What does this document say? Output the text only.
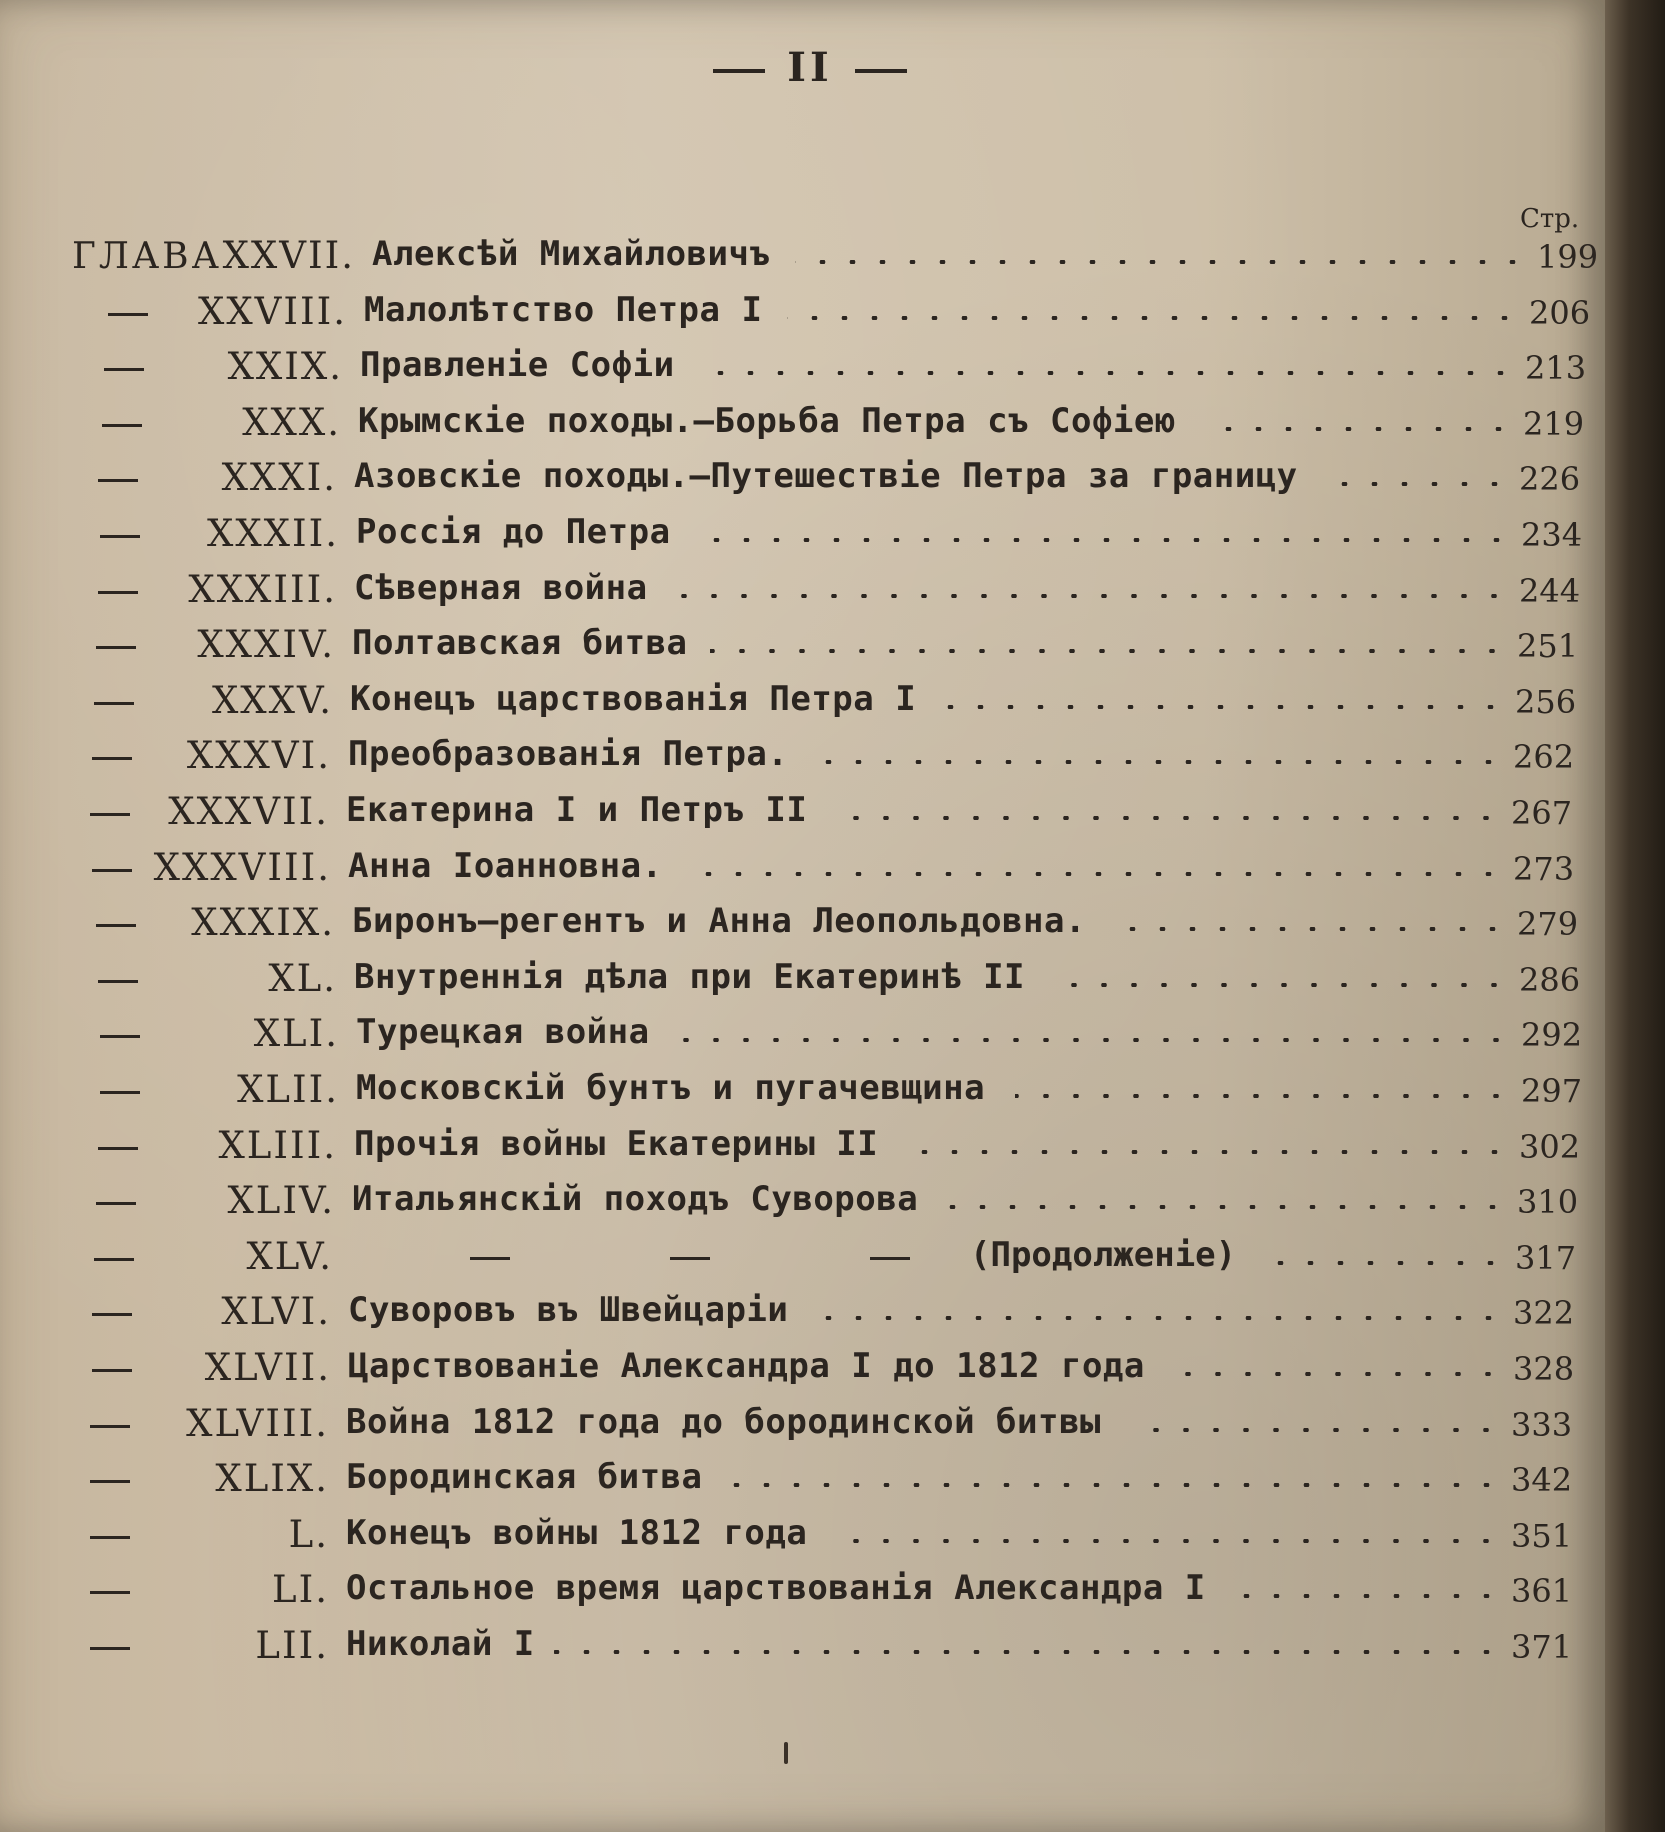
II
Стр.
ГЛАВА XXVII. Алексѣй Михайловичъ	199
XXVIII. Малолѣтство Петра I	206
XXIX. Правленіе Софіи	213
XXX. Крымскіе походы.—Борьба Петра съ Софіею	219
XXXI. Азовскіе походы.—Путешествіе Петра за границу	226
XXXII. Россія до Петра	234
XXXIII. Сѣверная война	244
XXXIV. Полтавская битва	251
XXXV. Конецъ царствованія Петра I	256
XXXVI. Преобразованія Петра.	262
XXXVII. Екатерина I и Петръ II	267
XXXVIII. Анна Іоанновна.	273
XXXIX. Биронъ—регентъ и Анна Леопольдовна.	279
XL. Внутреннія дѣла при Екатеринѣ II	286
XLI. Турецкая война	292
XLII. Московскій бунтъ и пугачевщина	297
XLIII. Прочія войны Екатерины II	302
XLIV. Итальянскій походъ Суворова	310
XLV.	(Продолженіе)	317
XLVI. Суворовъ въ Швейцаріи	322
XLVII. Царствованіе Александра I до 1812 года	328
XLVIII. Война 1812 года до бородинской битвы	333
XLIX. Бородинская битва	342
L. Конецъ войны 1812 года	351
LI. Остальное время царствованія Александра I	361
LII. Николай I	371
